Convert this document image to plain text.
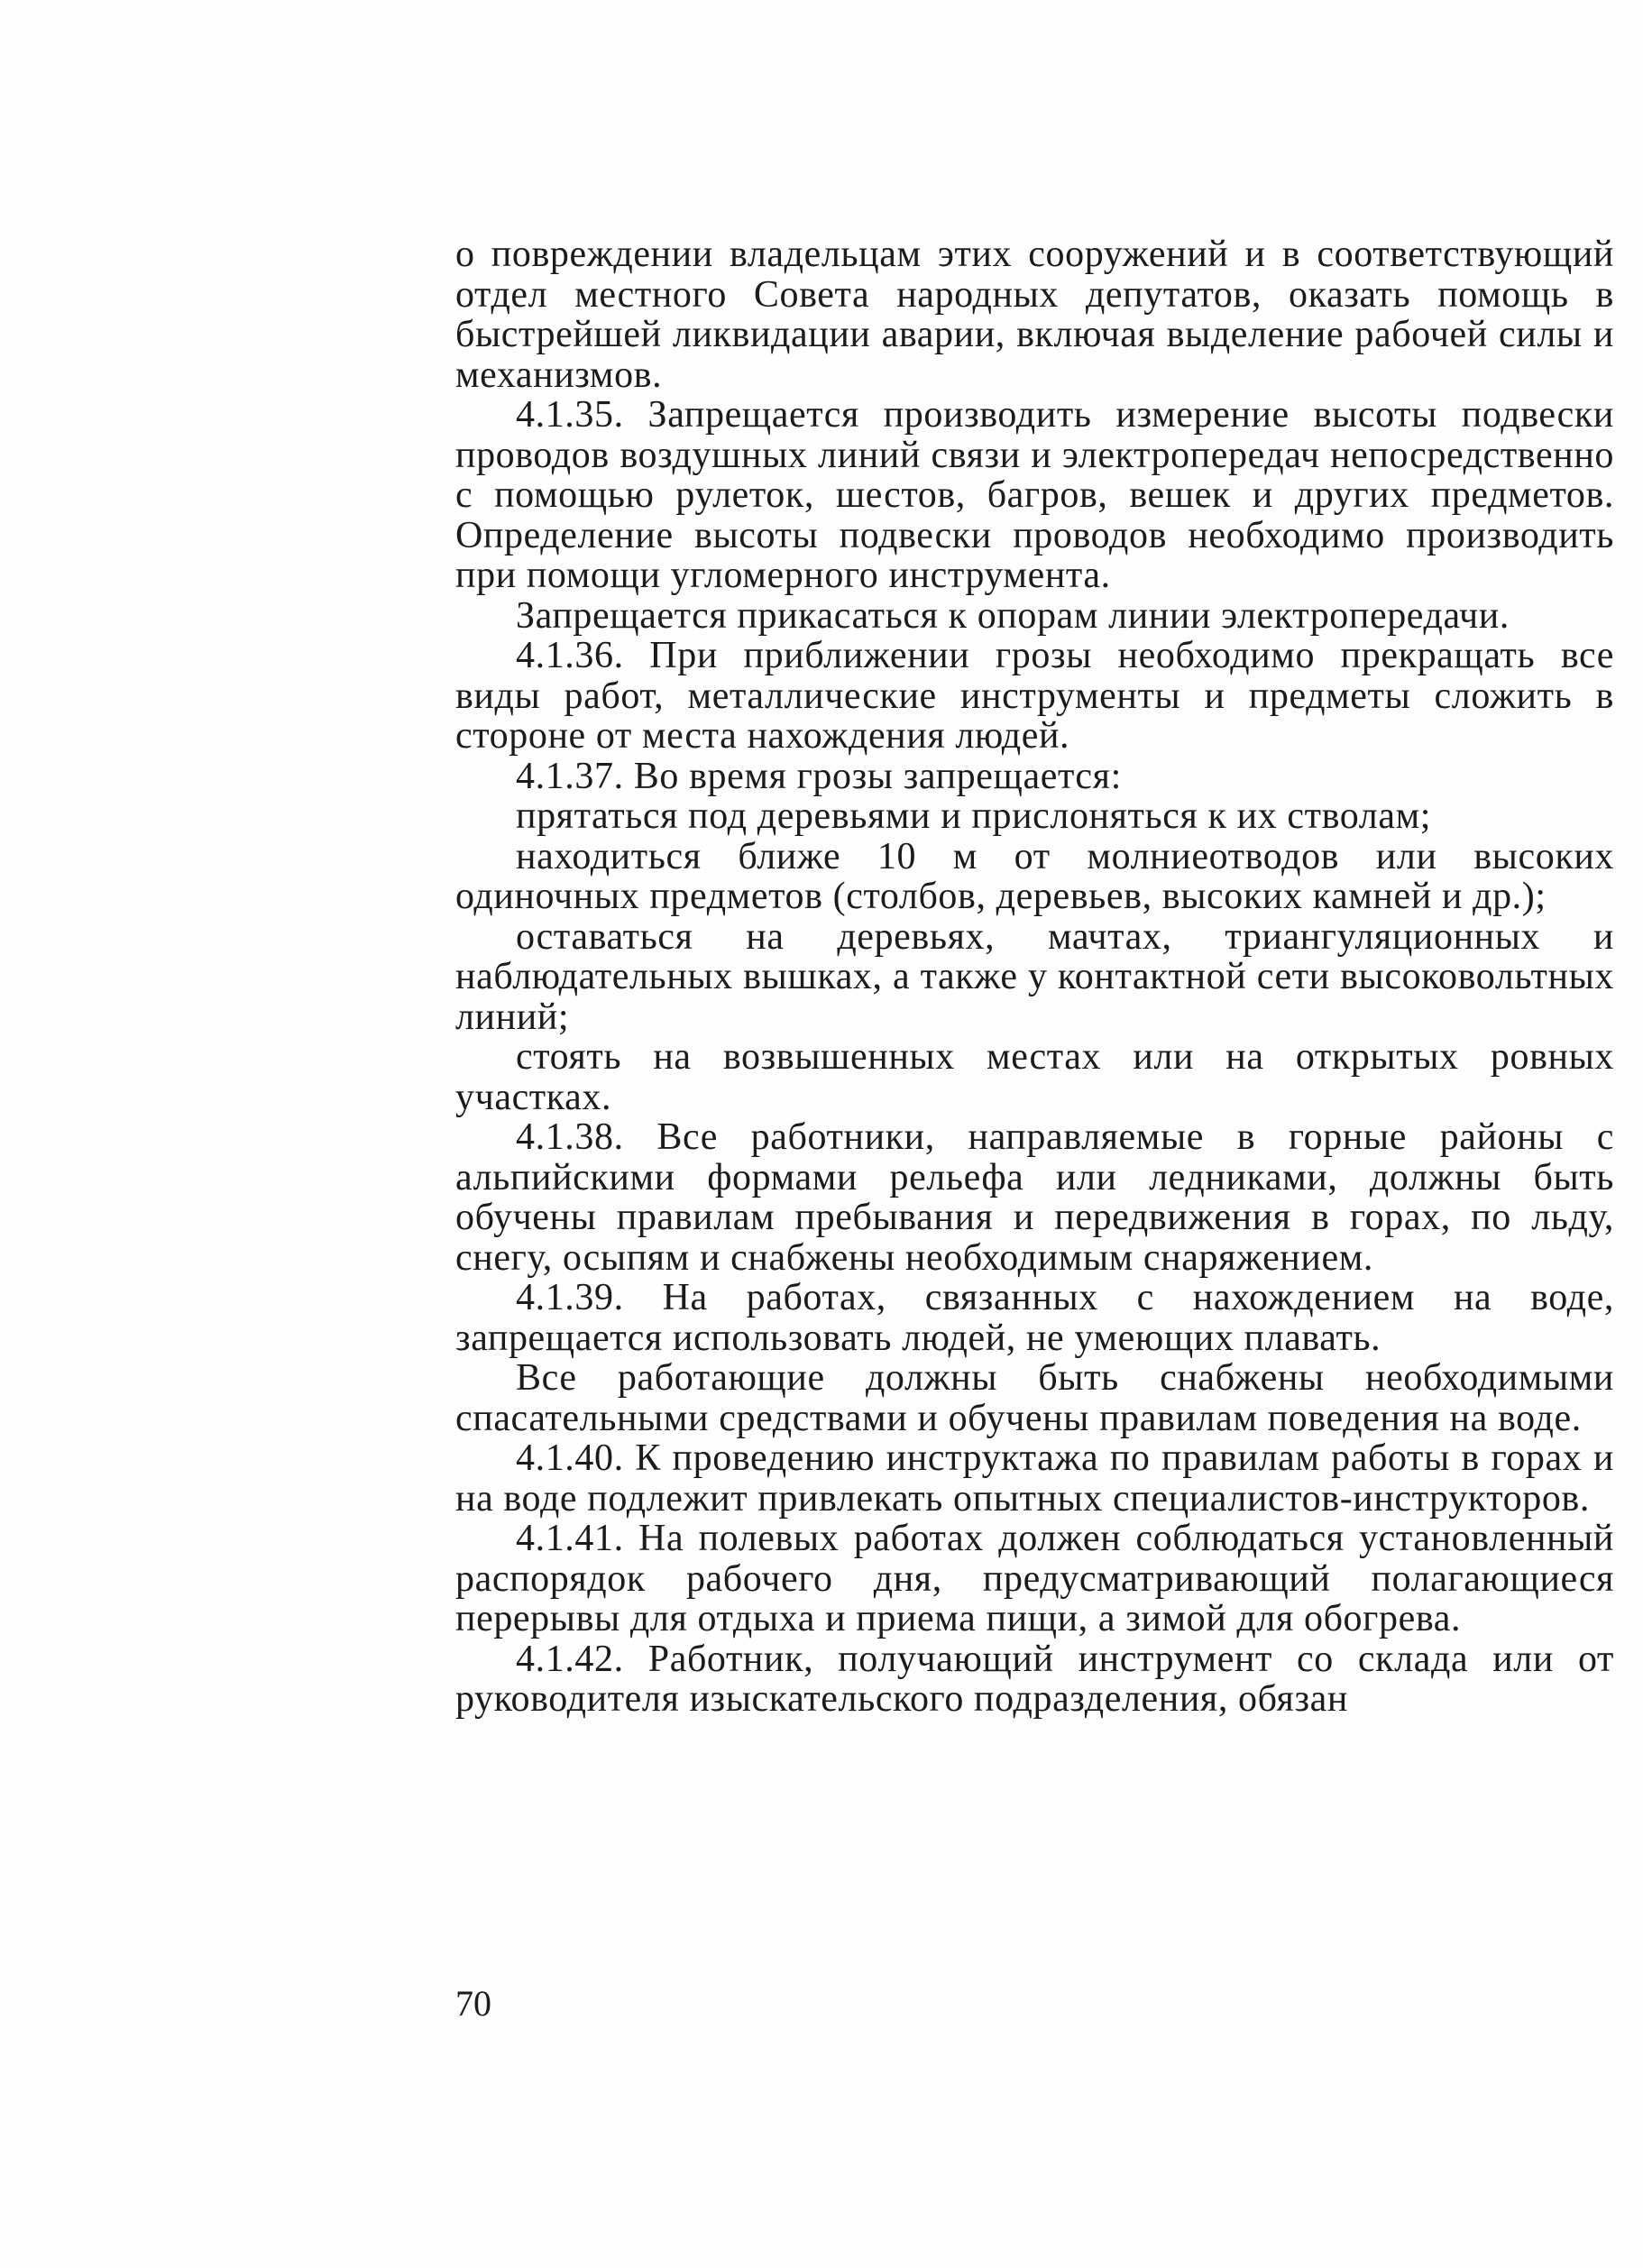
о повреждении владельцам этих сооружений и в соответствующий отдел местного Совета народных депутатов, оказать помощь в быстрейшей ликвидации аварии, включая выделение рабочей силы и механизмов.

4.1.35. Запрещается производить измерение высоты подвески проводов воздушных линий связи и электропередач непосредственно с помощью рулеток, шестов, багров, вешек и других предметов. Определение высоты подвески проводов необходимо производить при помощи угломерного инструмента.

Запрещается прикасаться к опорам линии электропередачи.

4.1.36. При приближении грозы необходимо прекращать все виды работ, металлические инструменты и предметы сложить в стороне от места нахождения людей.

4.1.37. Во время грозы запрещается:

прятаться под деревьями и прислоняться к их стволам;

находиться ближе 10 м от молниеотводов или высоких одиночных предметов (столбов, деревьев, высоких камней и др.);

оставаться на деревьях, мачтах, триангуляционных и наблюдательных вышках, а также у контактной сети высоковольтных линий;

стоять на возвышенных местах или на открытых ровных участках.

4.1.38. Все работники, направляемые в горные районы с альпийскими формами рельефа или ледниками, должны быть обучены правилам пребывания и передвижения в горах, по льду, снегу, осыпям и снабжены необходимым снаряжением.

4.1.39. На работах, связанных с нахождением на воде, запрещается использовать людей, не умеющих плавать.

Все работающие должны быть снабжены необходимыми спасательными средствами и обучены правилам поведения на воде.

4.1.40. К проведению инструктажа по правилам работы в горах и на воде подлежит привлекать опытных специалистов-инструкторов.

4.1.41. На полевых работах должен соблюдаться установленный распорядок рабочего дня, предусматривающий полагающиеся перерывы для отдыха и приема пищи, а зимой для обогрева.

4.1.42. Работник, получающий инструмент со склада или от руководителя изыскательского подразделения, обязан

70
